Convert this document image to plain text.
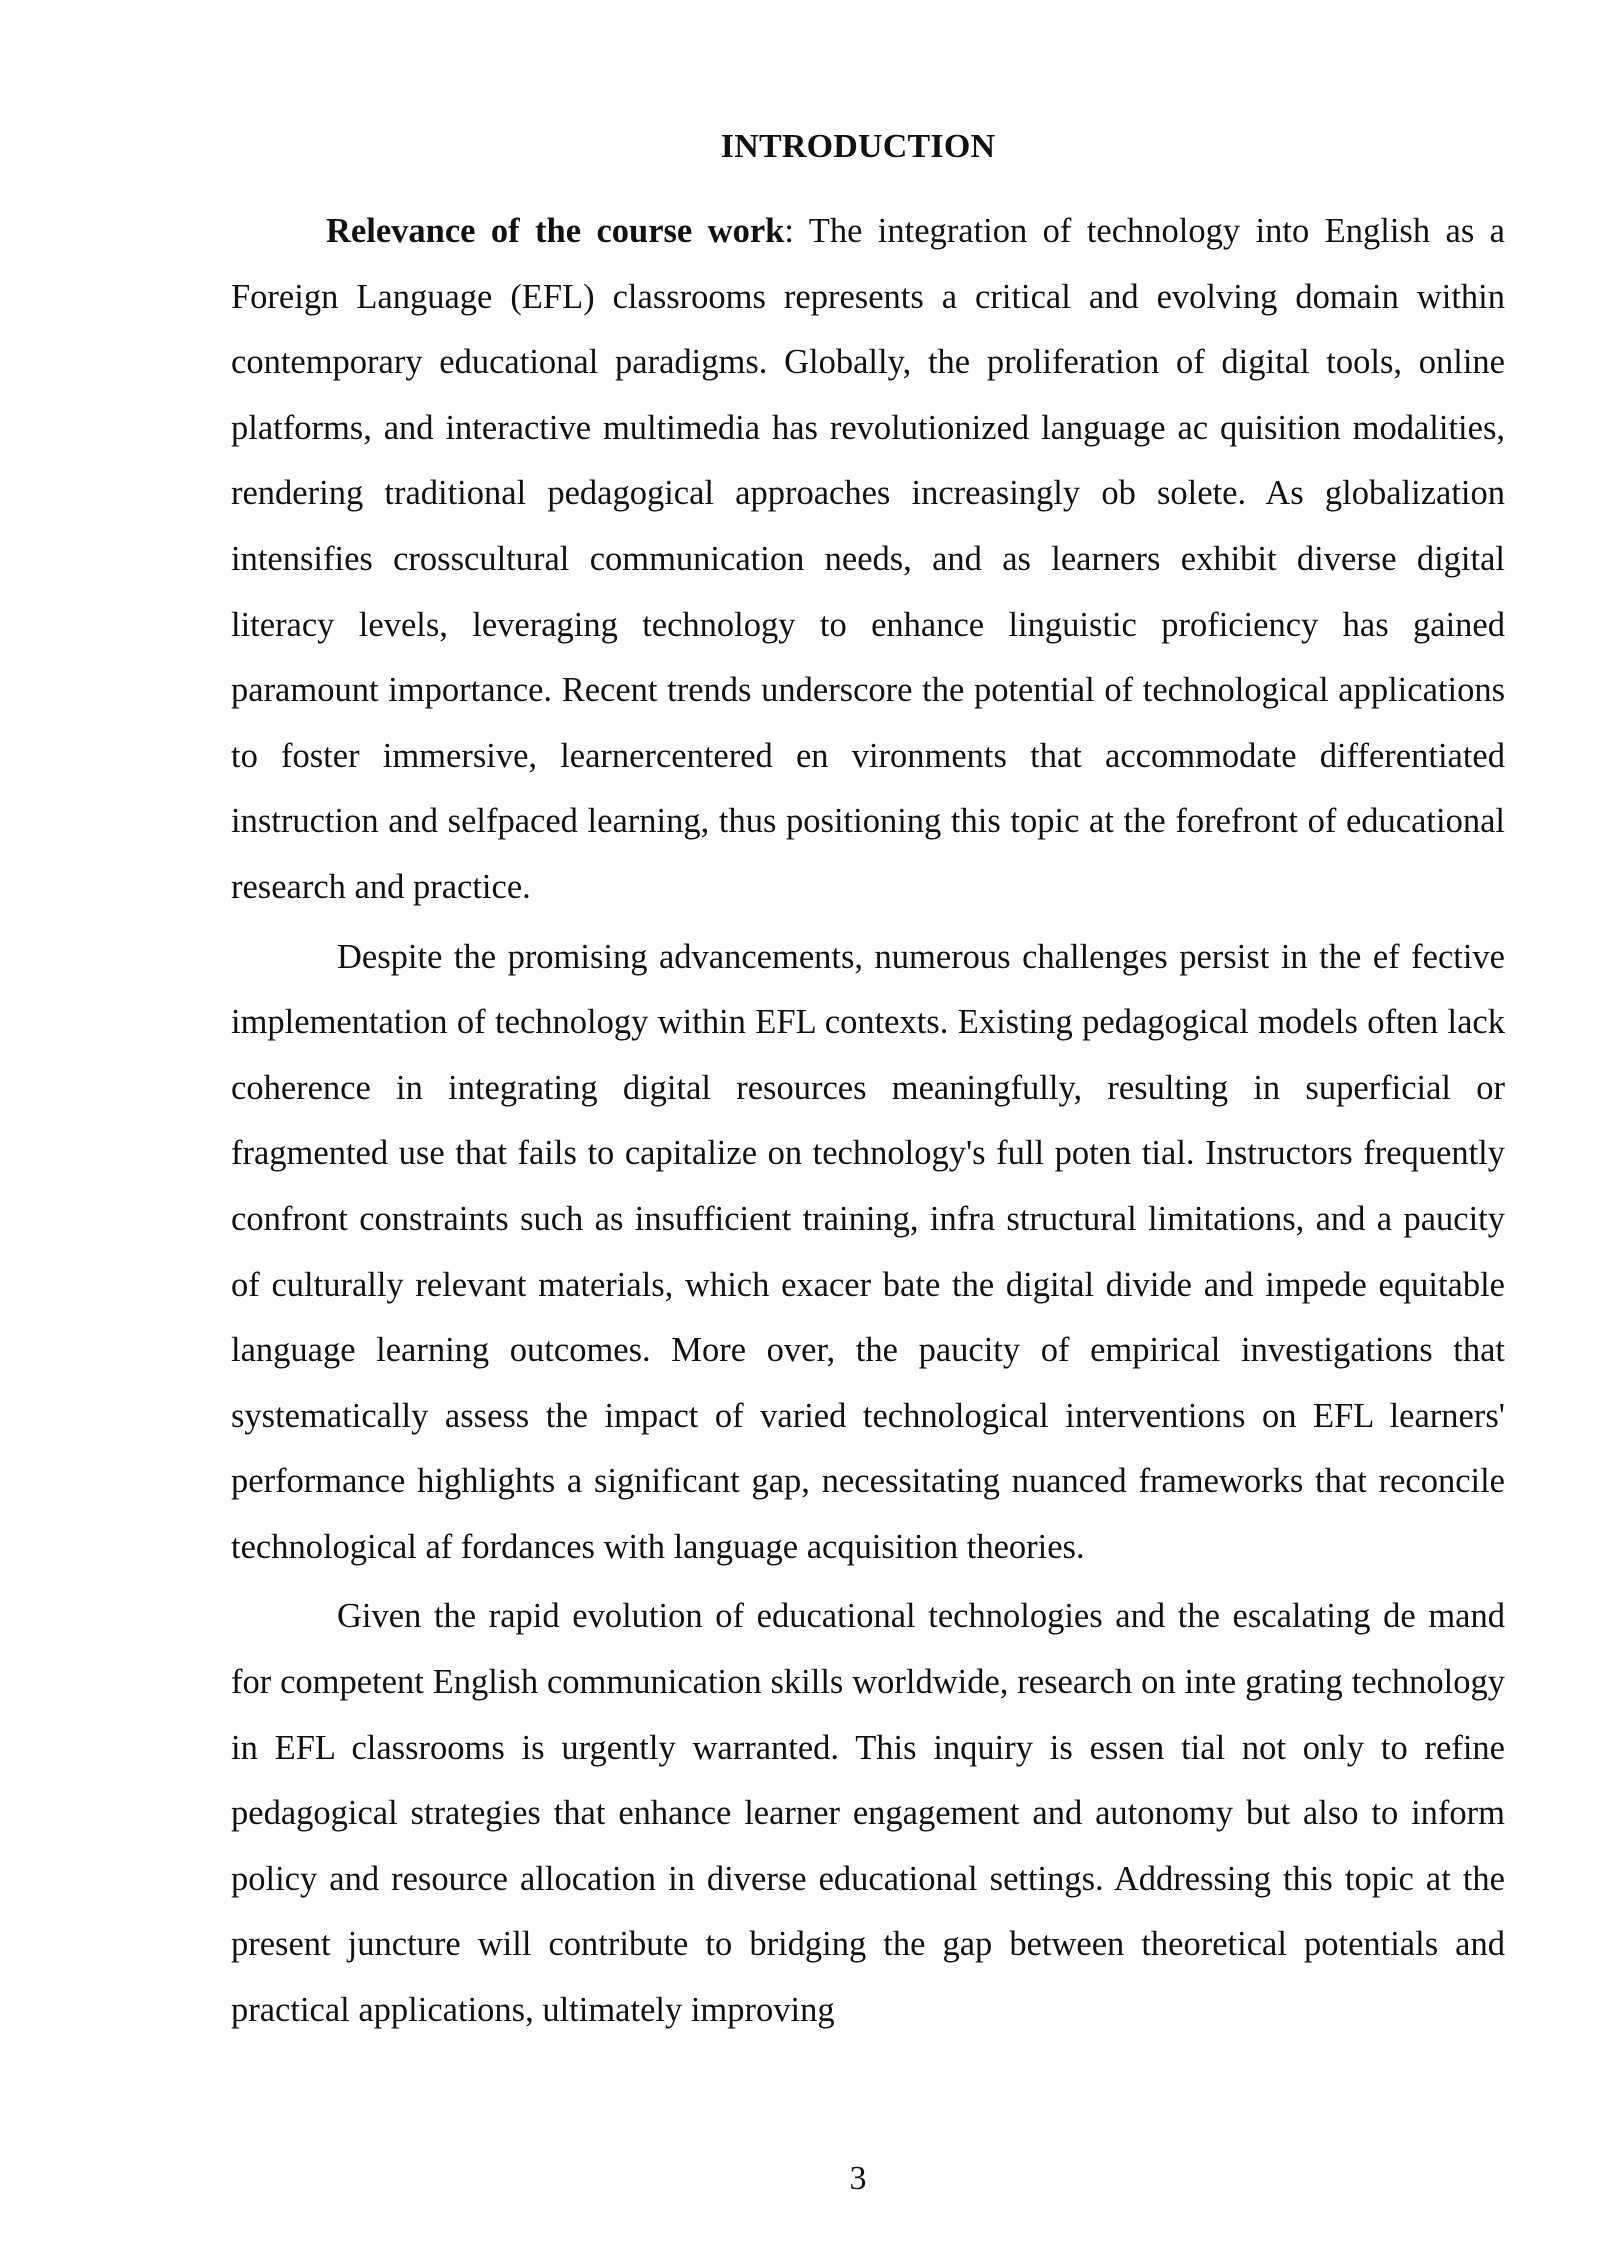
INTRODUCTION

Relevance of the course work: The integration of technology into English as a Foreign Language (EFL) classrooms represents a critical and evolving domain within contemporary educational paradigms. Globally, the proliferation of digital tools, online platforms, and interactive multimedia has revolutionized language ac quisition modalities, rendering traditional pedagogical approaches increasingly ob solete. As globalization intensifies crosscultural communication needs, and as learners exhibit diverse digital literacy levels, leveraging technology to enhance linguistic proficiency has gained paramount importance. Recent trends underscore the potential of technological applications to foster immersive, learnercentered en vironments that accommodate differentiated instruction and selfpaced learning, thus positioning this topic at the forefront of educational research and practice.

Despite the promising advancements, numerous challenges persist in the ef fective implementation of technology within EFL contexts. Existing pedagogical models often lack coherence in integrating digital resources meaningfully, resulting in superficial or fragmented use that fails to capitalize on technology's full poten tial. Instructors frequently confront constraints such as insufficient training, infra structural limitations, and a paucity of culturally relevant materials, which exacer bate the digital divide and impede equitable language learning outcomes. More over, the paucity of empirical investigations that systematically assess the impact of varied technological interventions on EFL learners' performance highlights a significant gap, necessitating nuanced frameworks that reconcile technological af fordances with language acquisition theories.

Given the rapid evolution of educational technologies and the escalating de mand for competent English communication skills worldwide, research on inte grating technology in EFL classrooms is urgently warranted. This inquiry is essen tial not only to refine pedagogical strategies that enhance learner engagement and autonomy but also to inform policy and resource allocation in diverse educational settings. Addressing this topic at the present juncture will contribute to bridging the gap between theoretical potentials and practical applications, ultimately improving

3
